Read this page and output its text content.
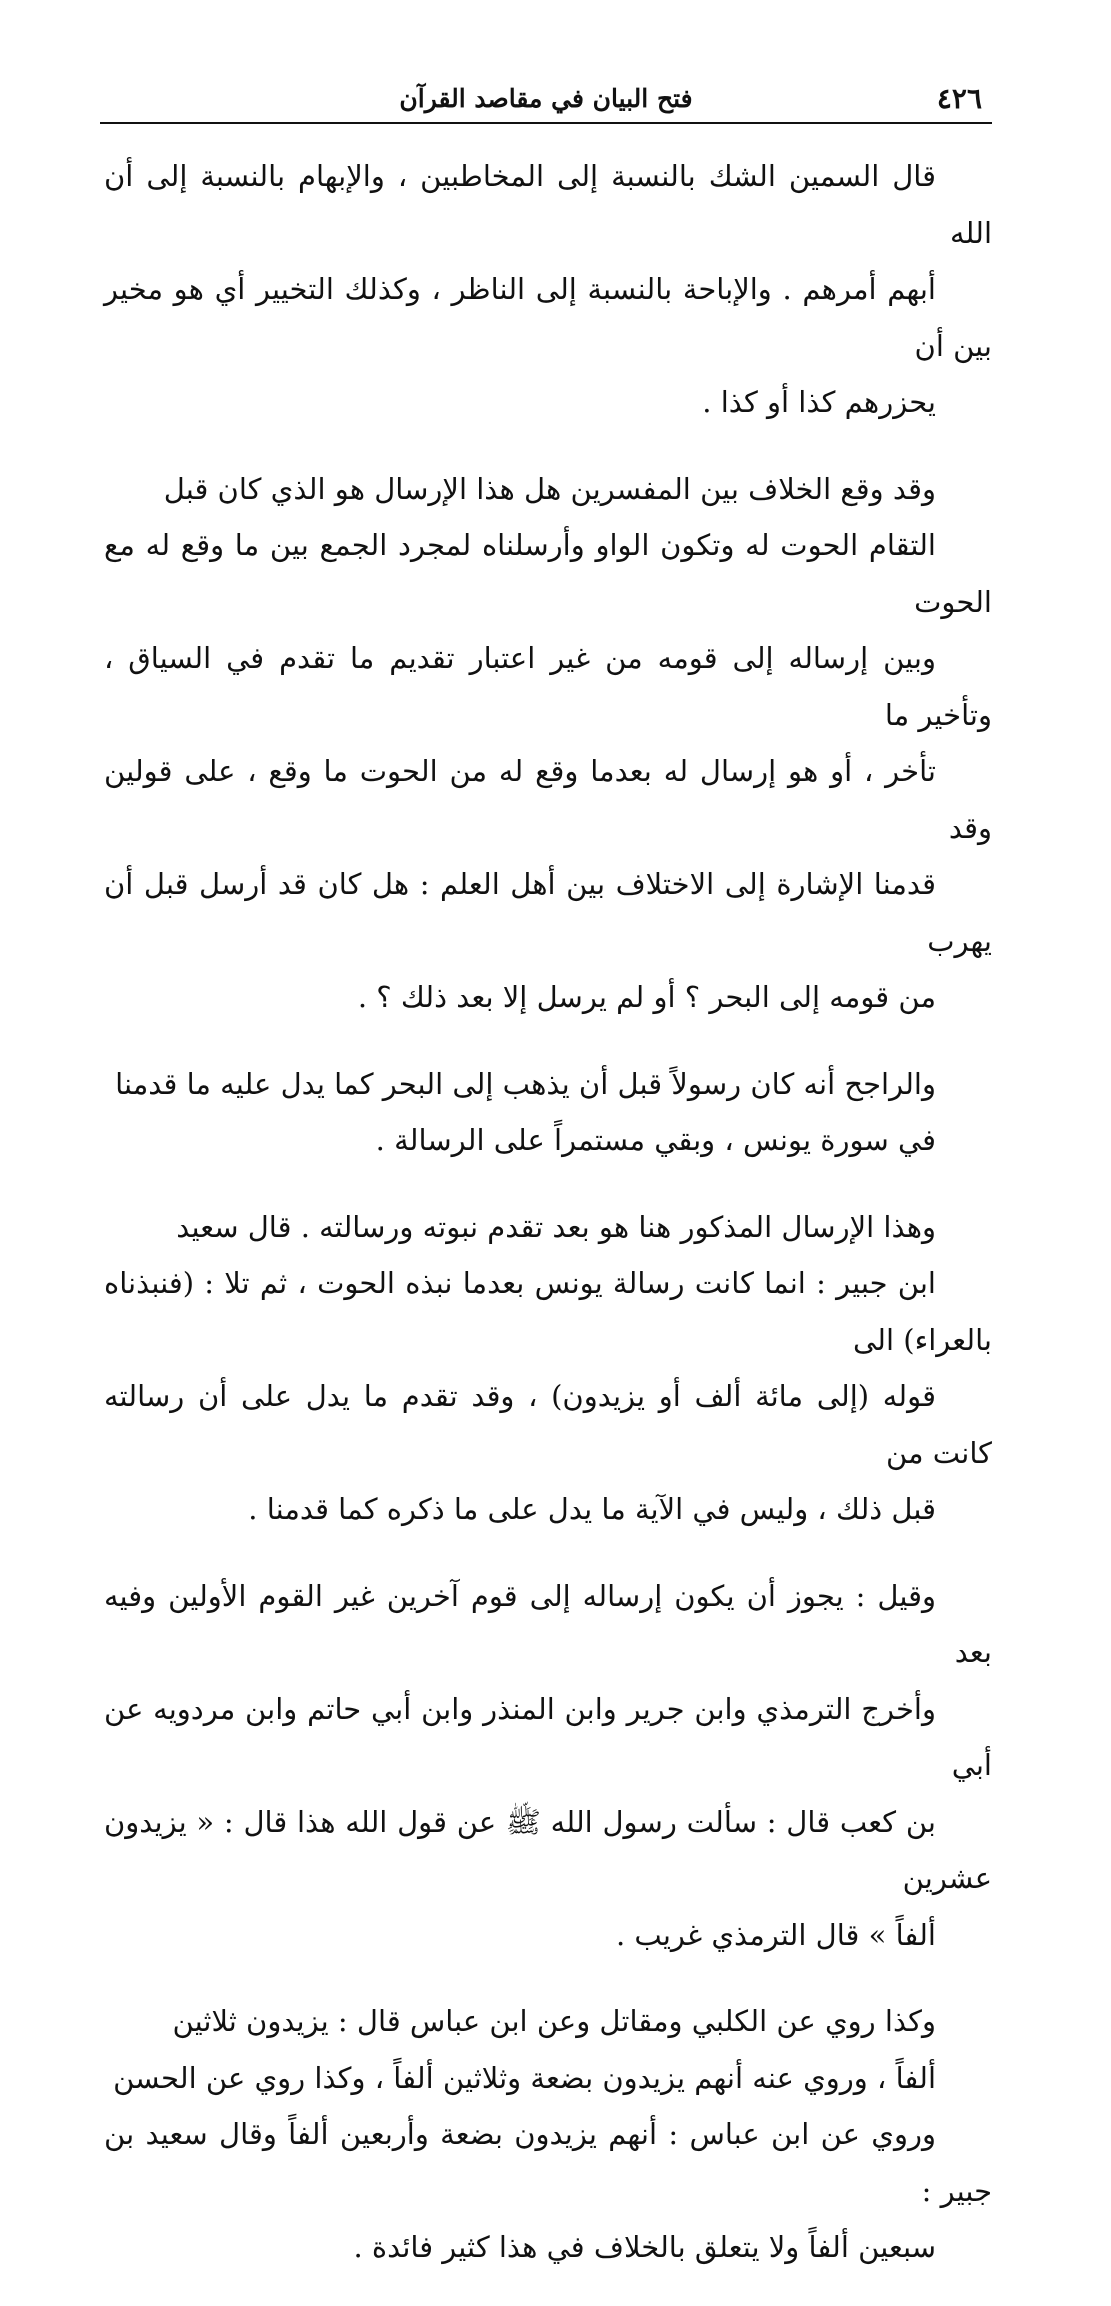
٤٢٦
فتح البيان في مقاصد القرآن

قال السمين الشك بالنسبة إلى المخاطبين ، والإبهام بالنسبة إلى أن الله
أبهم أمرهم . والإباحة بالنسبة إلى الناظر ، وكذلك التخيير أي هو مخير بين أن
يحزرهم كذا أو كذا .

وقد وقع الخلاف بين المفسرين هل هذا الإرسال هو الذي كان قبل
التقام الحوت له وتكون الواو وأرسلناه لمجرد الجمع بين ما وقع له مع الحوت
وبين إرساله إلى قومه من غير اعتبار تقديم ما تقدم في السياق ، وتأخير ما
تأخر ، أو هو إرسال له بعدما وقع له من الحوت ما وقع ، على قولين وقد
قدمنا الإشارة إلى الاختلاف بين أهل العلم : هل كان قد أرسل قبل أن يهرب
من قومه إلى البحر ؟ أو لم يرسل إلا بعد ذلك ؟ .

والراجح أنه كان رسولاً قبل أن يذهب إلى البحر كما يدل عليه ما قدمنا
في سورة يونس ، وبقي مستمراً على الرسالة .

وهذا الإرسال المذكور هنا هو بعد تقدم نبوته ورسالته . قال سعيد
ابن جبير : انما كانت رسالة يونس بعدما نبذه الحوت ، ثم تلا : (فنبذناه بالعراء) الى
قوله (إلى مائة ألف أو يزيدون) ، وقد تقدم ما يدل على أن رسالته كانت من
قبل ذلك ، وليس في الآية ما يدل على ما ذكره كما قدمنا .

وقيل : يجوز أن يكون إرساله إلى قوم آخرين غير القوم الأولين وفيه بعد
وأخرج الترمذي وابن جرير وابن المنذر وابن أبي حاتم وابن مردويه عن أبي
بن كعب قال : سألت رسول الله ﷺ عن قول الله هذا قال : « يزيدون عشرين
ألفاً » قال الترمذي غريب .

وكذا روي عن الكلبي ومقاتل وعن ابن عباس قال : يزيدون ثلاثين
ألفاً ، وروي عنه أنهم يزيدون بضعة وثلاثين ألفاً ، وكذا روي عن الحسن
وروي عن ابن عباس : أنهم يزيدون بضعة وأربعين ألفاً وقال سعيد بن جبير :
سبعين ألفاً ولا يتعلق بالخلاف في هذا كثير فائدة .
